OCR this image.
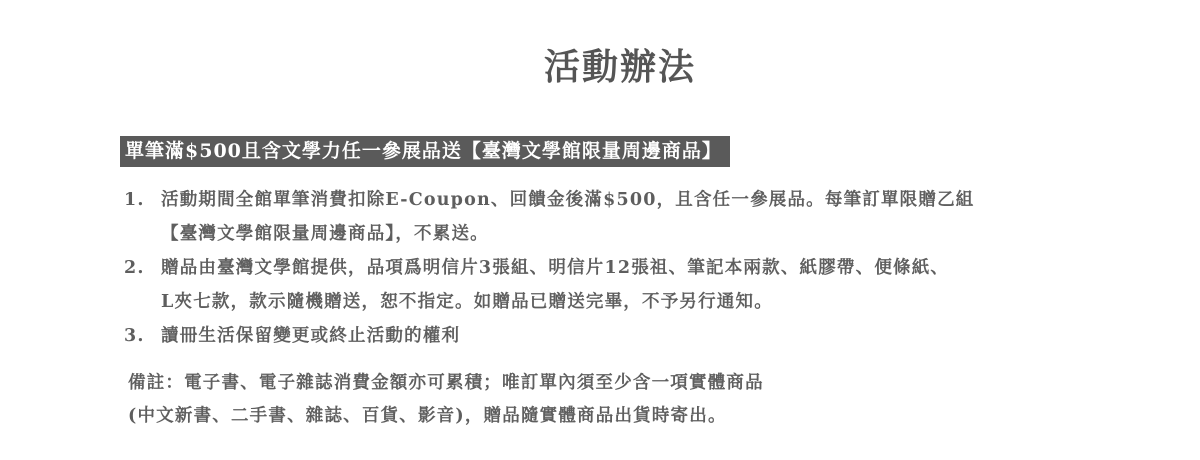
活動辦法
單筆滿$500且含文學力任一參展品送【臺灣文學館限量周邊商品】
1. 活動期間全館單筆消費扣除E-Coupon、回饋金後滿$500，且含任一參展品。每筆訂單限贈乙組
【臺灣文學館限量周邊商品】，不累送。
2. 贈品由臺灣文學館提供，品項爲明信片3張組、明信片12張祖、筆記本兩款、紙膠帶、便條紙、
L夾七款，款示隨機贈送，恕不指定。如贈品已贈送完畢，不予另行通知。
3. 讀冊生活保留變更或終止活動的權利
備註：電子書、電子雜誌消費金額亦可累積；唯訂單內須至少含一項實體商品
(中文新書、二手書、雜誌、百貨、影音)，贈品隨實體商品出貨時寄出。
